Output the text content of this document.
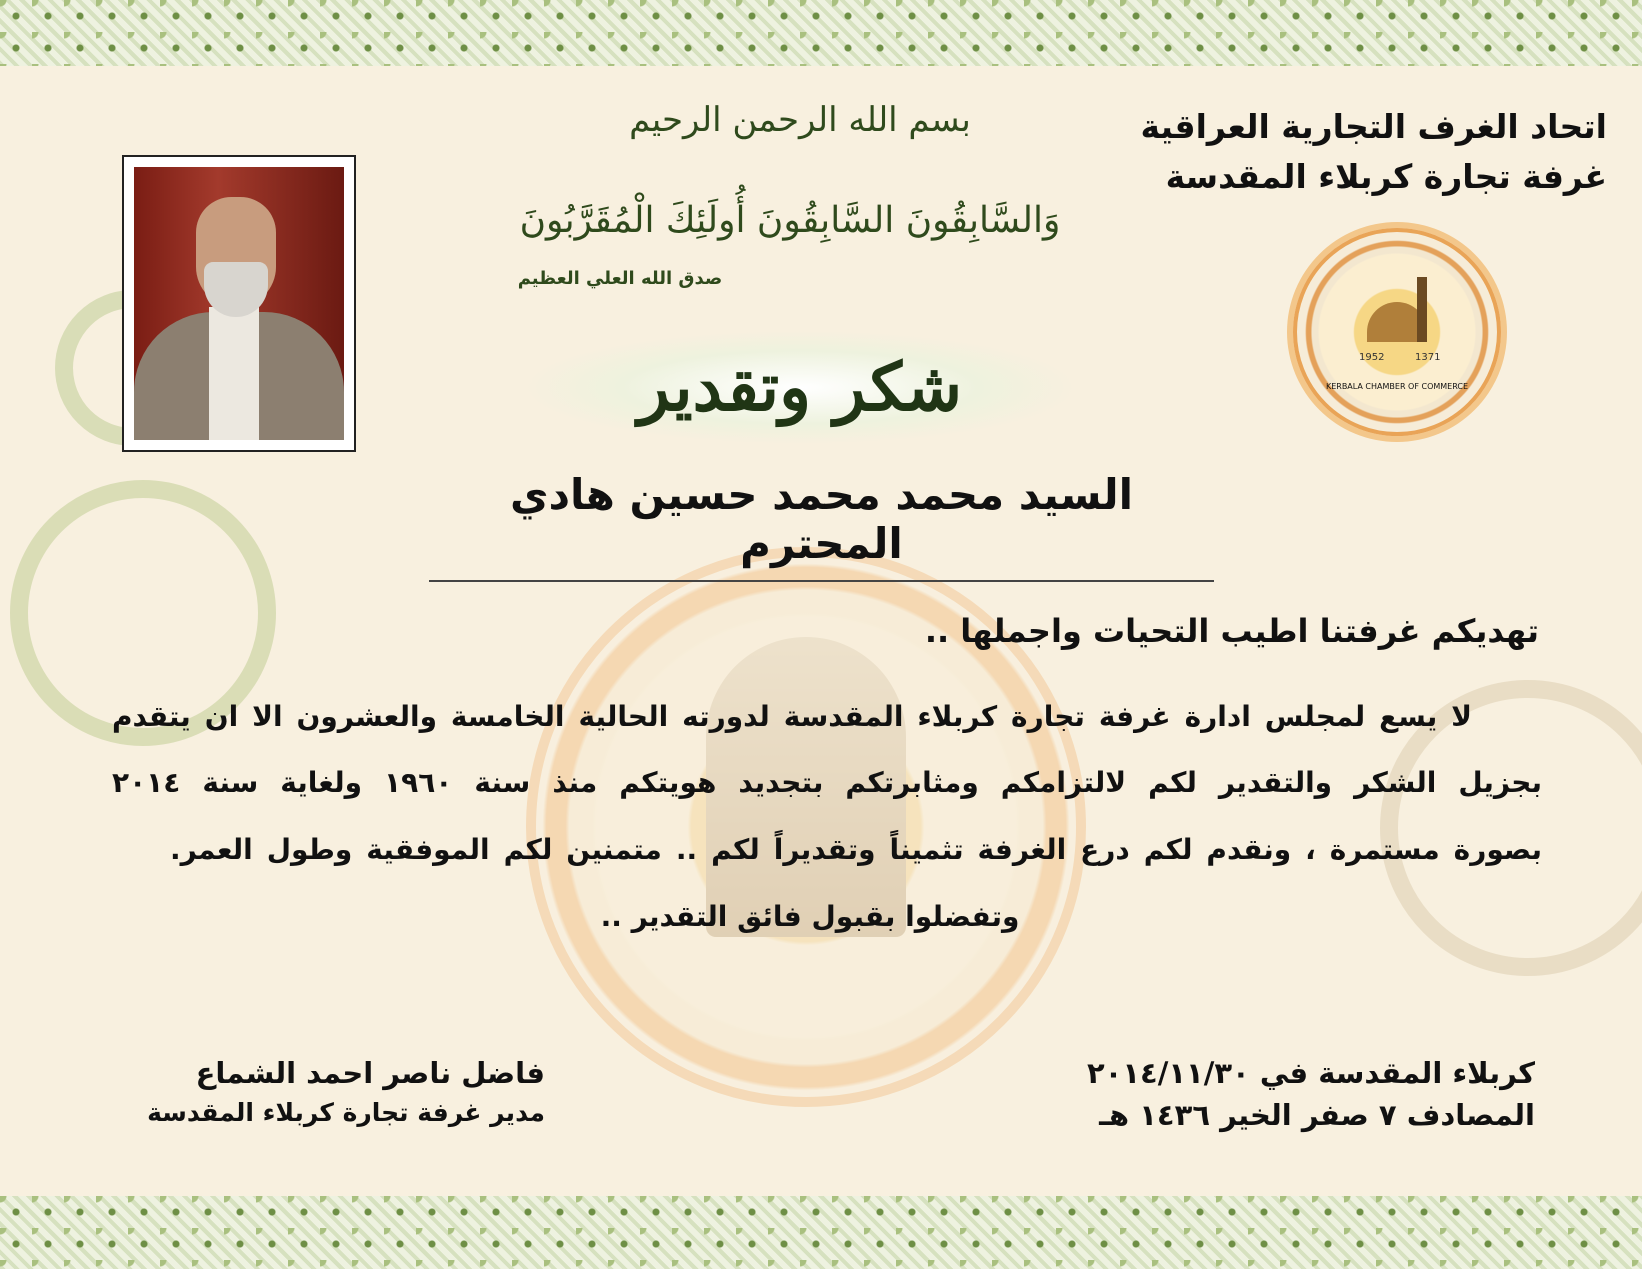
اتحاد الغرف التجارية العراقية
غرفة تجارة كربلاء المقدسة
1952	1371
KERBALA CHAMBER OF COMMERCE
بسم الله الرحمن الرحيم
وَالسَّابِقُونَ السَّابِقُونَ أُولَئِكَ الْمُقَرَّبُونَ
صدق الله العلي العظيم
شكر وتقدير
السيد محمد محمد حسين هادي المحترم
تهديكم غرفتنا اطيب التحيات واجملها ..
لا يسع لمجلس ادارة غرفة تجارة كربلاء المقدسة لدورته الحالية الخامسة والعشرون الا ان يتقدم
بجزيل الشكر والتقدير لكم لالتزامكم ومثابرتكم بتجديد هويتكم منذ سنة ١٩٦٠ ولغاية سنة ٢٠١٤
بصورة مستمرة ، ونقدم لكم درع الغرفة تثميناً وتقديراً لكم .. متمنين لكم الموفقية وطول العمر.
وتفضلوا بقبول فائق التقدير ..
كربلاء المقدسة في ٢٠١٤/١١/٣٠
المصادف ٧ صفر الخير ١٤٣٦ هـ
فاضل ناصر احمد الشماع
مدير غرفة تجارة كربلاء المقدسة
